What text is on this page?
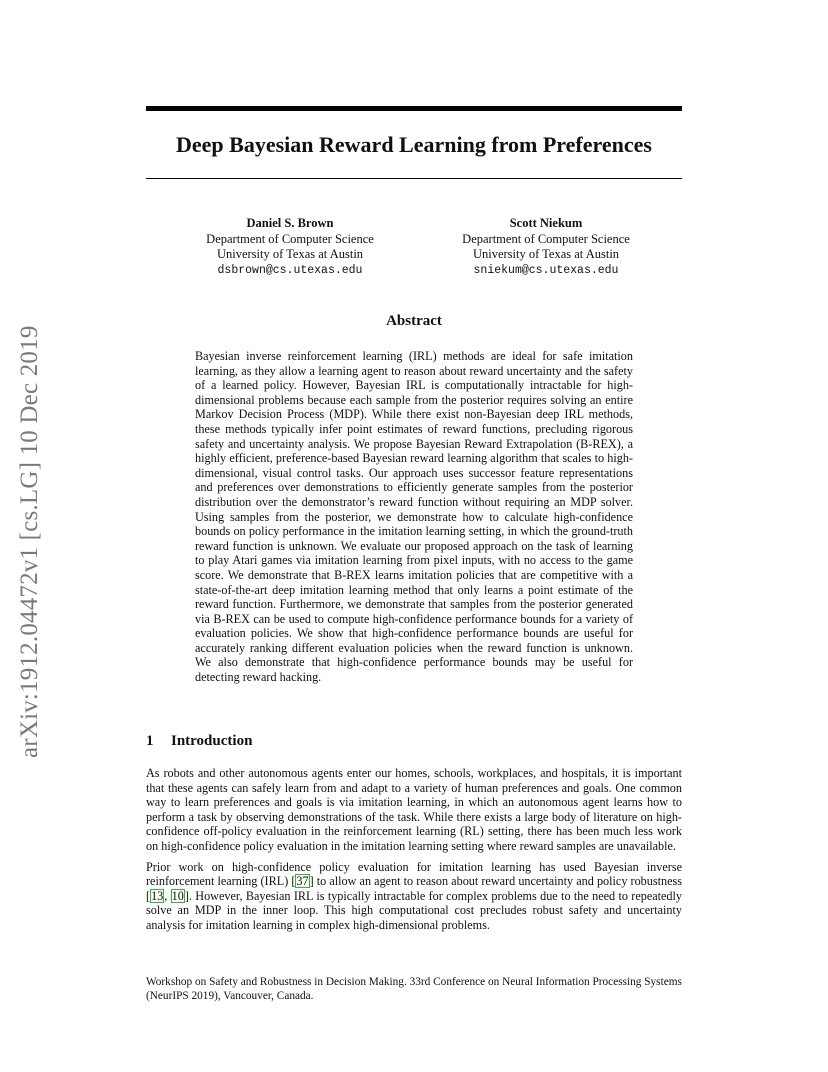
arXiv:1912.04472v1 [cs.LG] 10 Dec 2019
Deep Bayesian Reward Learning from Preferences
Daniel S. Brown
Department of Computer Science
University of Texas at Austin
dsbrown@cs.utexas.edu
Scott Niekum
Department of Computer Science
University of Texas at Austin
sniekum@cs.utexas.edu
Abstract

Bayesian inverse reinforcement learning (IRL) methods are ideal for safe imitation learning, as they allow a learning agent to reason about reward uncertainty and the safety of a learned policy. However, Bayesian IRL is computationally intractable for high-dimensional problems because each sample from the posterior requires solving an entire Markov Decision Process (MDP). While there exist non-Bayesian deep IRL methods, these methods typically infer point estimates of reward functions, precluding rigorous safety and uncertainty analysis. We propose Bayesian Reward Extrapolation (B-REX), a highly efficient, preference-based Bayesian reward learning algorithm that scales to high-dimensional, visual control tasks. Our approach uses successor feature representations and preferences over demonstrations to efficiently generate samples from the posterior distribution over the demonstrator’s reward function without requiring an MDP solver. Using samples from the posterior, we demonstrate how to calculate high-confidence bounds on policy performance in the imitation learning setting, in which the ground-truth reward function is unknown. We evaluate our proposed approach on the task of learning to play Atari games via imitation learning from pixel inputs, with no access to the game score. We demonstrate that B-REX learns imitation policies that are competitive with a state-of-the-art deep imitation learning method that only learns a point estimate of the reward function. Furthermore, we demonstrate that samples from the posterior generated via B-REX can be used to compute high-confidence performance bounds for a variety of evaluation policies. We show that high-confidence performance bounds are useful for accurately ranking different evaluation policies when the reward function is unknown. We also demonstrate that high-confidence performance bounds may be useful for detecting reward hacking.

1 Introduction

As robots and other autonomous agents enter our homes, schools, workplaces, and hospitals, it is important that these agents can safely learn from and adapt to a variety of human preferences and goals. One common way to learn preferences and goals is via imitation learning, in which an autonomous agent learns how to perform a task by observing demonstrations of the task. While there exists a large body of literature on high-confidence off-policy evaluation in the reinforcement learning (RL) setting, there has been much less work on high-confidence policy evaluation in the imitation learning setting where reward samples are unavailable.

Prior work on high-confidence policy evaluation for imitation learning has used Bayesian inverse reinforcement learning (IRL) [37] to allow an agent to reason about reward uncertainty and policy robustness [13, 10]. However, Bayesian IRL is typically intractable for complex problems due to the need to repeatedly solve an MDP in the inner loop. This high computational cost precludes robust safety and uncertainty analysis for imitation learning in complex high-dimensional problems.

Workshop on Safety and Robustness in Decision Making. 33rd Conference on Neural Information Processing Systems (NeurIPS 2019), Vancouver, Canada.
